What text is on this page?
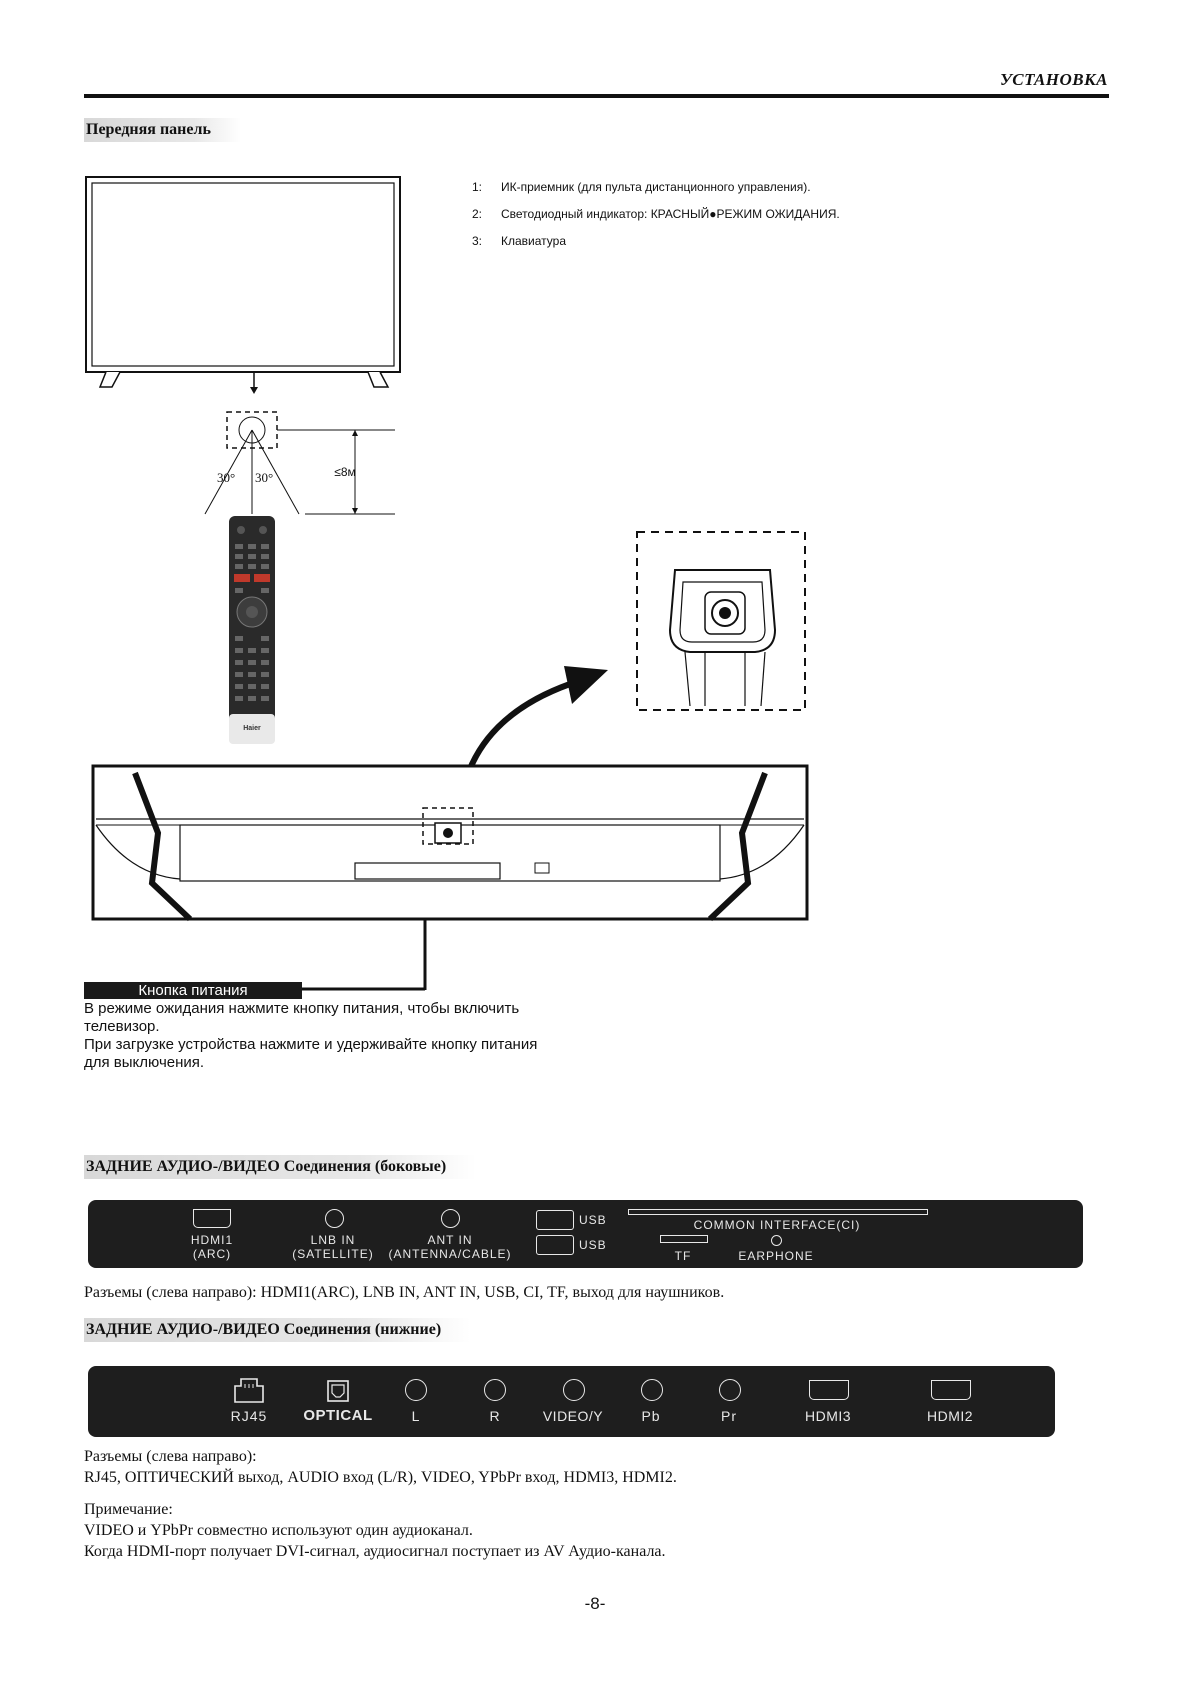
УСТАНОВКА
Передняя панель
30° 30°	≤8м
Haier
1: ИК-приемник (для пульта дистанционного управления).
2: Светодиодный индикатор: КРАСНЫЙ●РЕЖИМ ОЖИДАНИЯ.
3: Клавиатура
Кнопка питания
В режиме ожидания нажмите кнопку питания, чтобы включить
телевизор.
При загрузке устройства нажмите и удерживайте кнопку питания
для выключения.
ЗАДНИЕ АУДИО-/ВИДЕО Соединения (боковые)
HDMI1
(ARC)
LNB IN
(SATELLITE)
ANT IN
(ANTENNA/CABLE)
USB
USB
COMMON INTERFACE(CI)
TF	EARPHONE
Разъемы (слева направо): HDMI1(ARC), LNB IN, ANT IN, USB, CI, TF, выход для наушников.
ЗАДНИЕ АУДИО-/ВИДЕО Соединения (нижние)
RJ45	OPTICAL	L	R	VIDEO/Y	Pb	Pr	HDMI3	HDMI2
Разъемы (слева направо):
RJ45, ОПТИЧЕСКИЙ выход, AUDIO вход (L/R), VIDEO, YPbPr вход, HDMI3, HDMI2.
Примечание:
VIDEO и YPbPr совместно используют один аудиоканал.
Когда HDMI-порт получает DVI-сигнал, аудиосигнал поступает из AV Аудио-канала.
-8-
